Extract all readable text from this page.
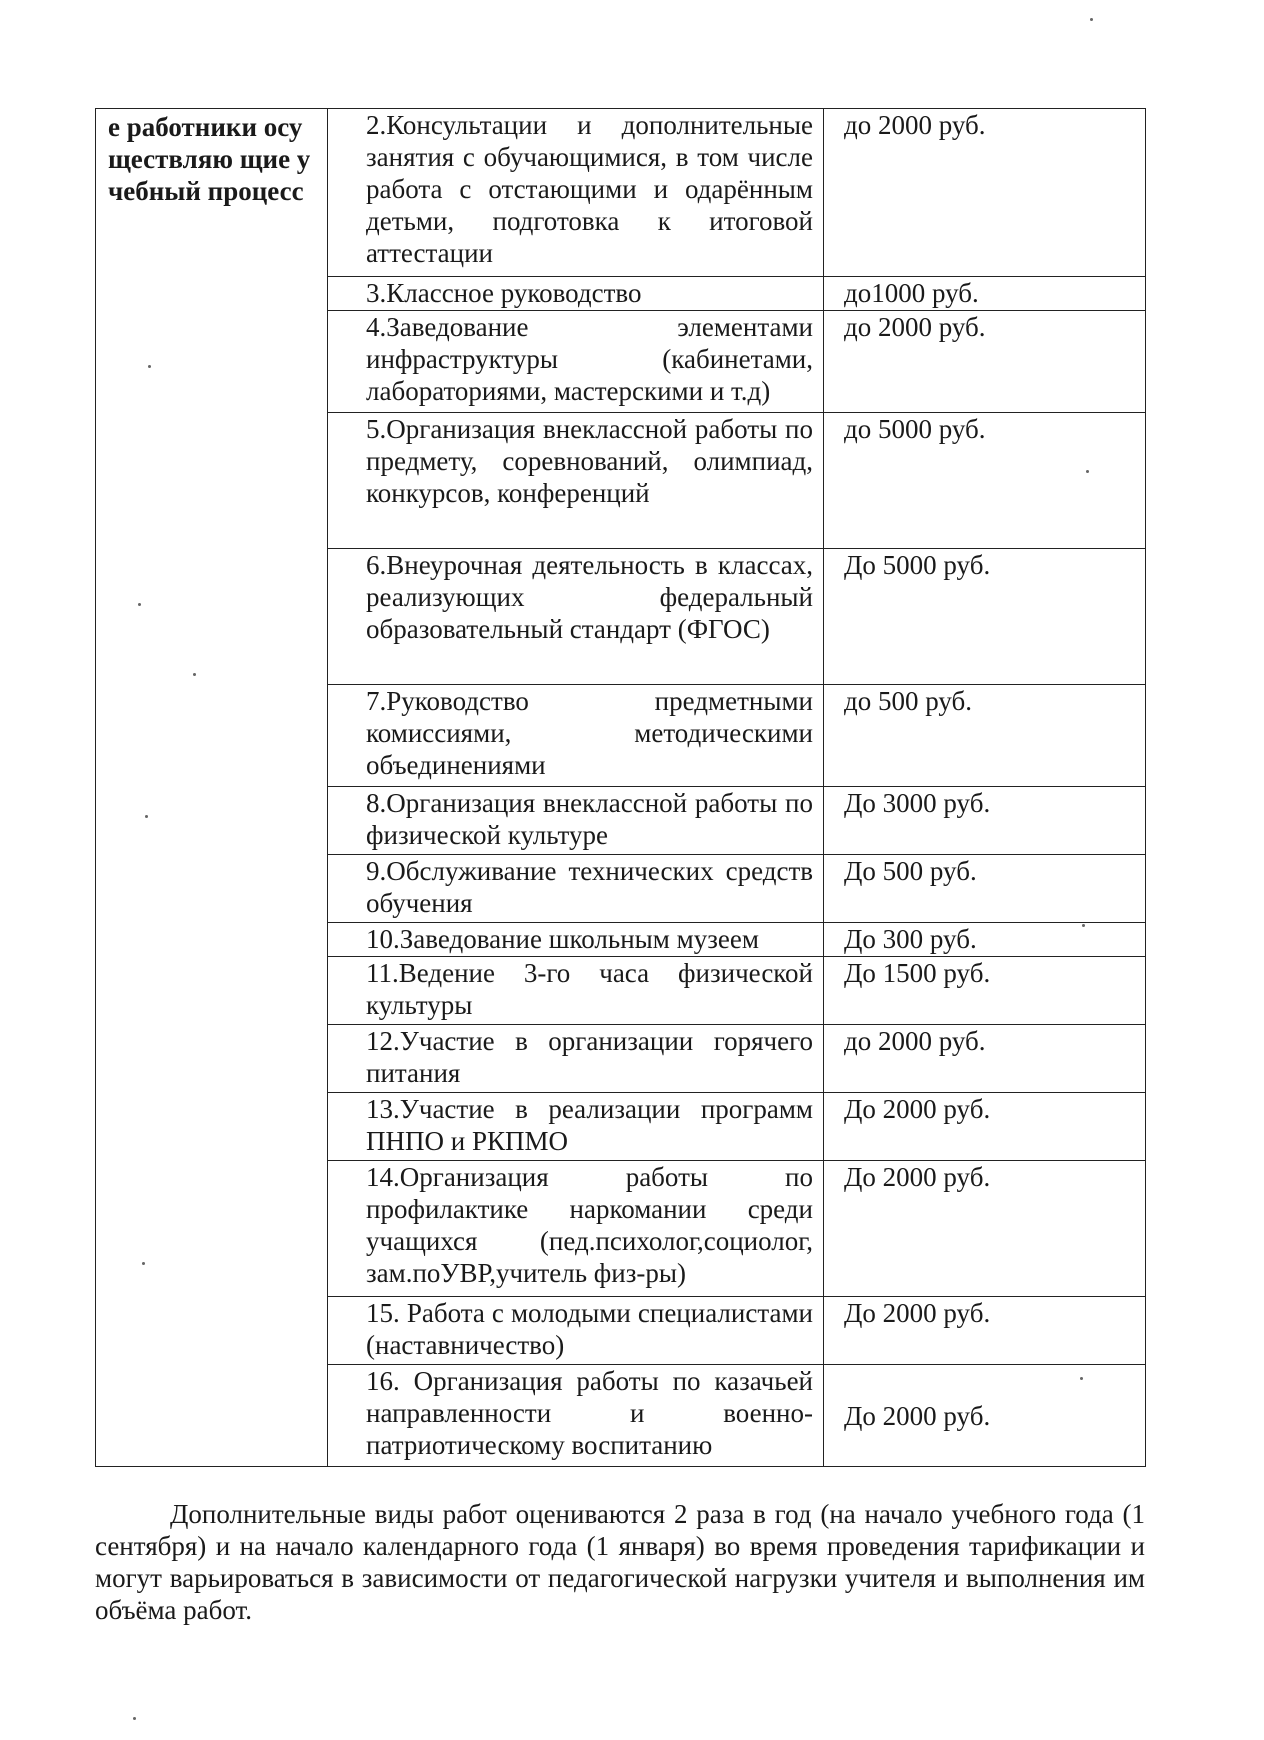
е работники осуществляю щие учебный процесс	2.Консультации и дополнительные занятия с обучающимися, в том числе работа с отстающими и одарённым детьми, подготовка к итоговой аттестации	до 2000 руб.
	3.Классное руководство	до1000 руб.
	4.Заведование элементами инфраструктуры (кабинетами, лабораториями, мастерскими и т.д)	до 2000 руб.
	5.Организация внеклассной работы по предмету, соревнований, олимпиад, конкурсов, конференций	до 5000 руб.
	6.Внеурочная деятельность в классах, реализующих федеральный образовательный стандарт (ФГОС)	До 5000 руб.
	7.Руководство предметными комиссиями, методическими объединениями	до 500 руб.
	8.Организация внеклассной работы по физической культуре	До 3000 руб.
	9.Обслуживание технических средств обучения	До 500 руб.
	10.Заведование школьным музеем	До 300 руб.
	11.Ведение 3-го часа физической культуры	До 1500 руб.
	12.Участие в организации горячего питания	до 2000 руб.
	13.Участие в реализации программ ПНПО и РКПМО	До 2000 руб.
	14.Организация работы по профилактике наркомании среди учащихся (пед.психолог,социолог, зам.поУВР,учитель физ-ры)	До 2000 руб.
	15. Работа с молодыми специалистами (наставничество)	До 2000 руб.
	16. Организация работы по казачьей направленности и военно-патриотическому воспитанию	До 2000 руб.

Дополнительные виды работ оцениваются 2 раза в год (на начало учебного года (1 сентября) и на начало календарного года (1 января) во время проведения тарификации и могут варьироваться в зависимости от педагогической нагрузки учителя и выполнения им объёма работ.
